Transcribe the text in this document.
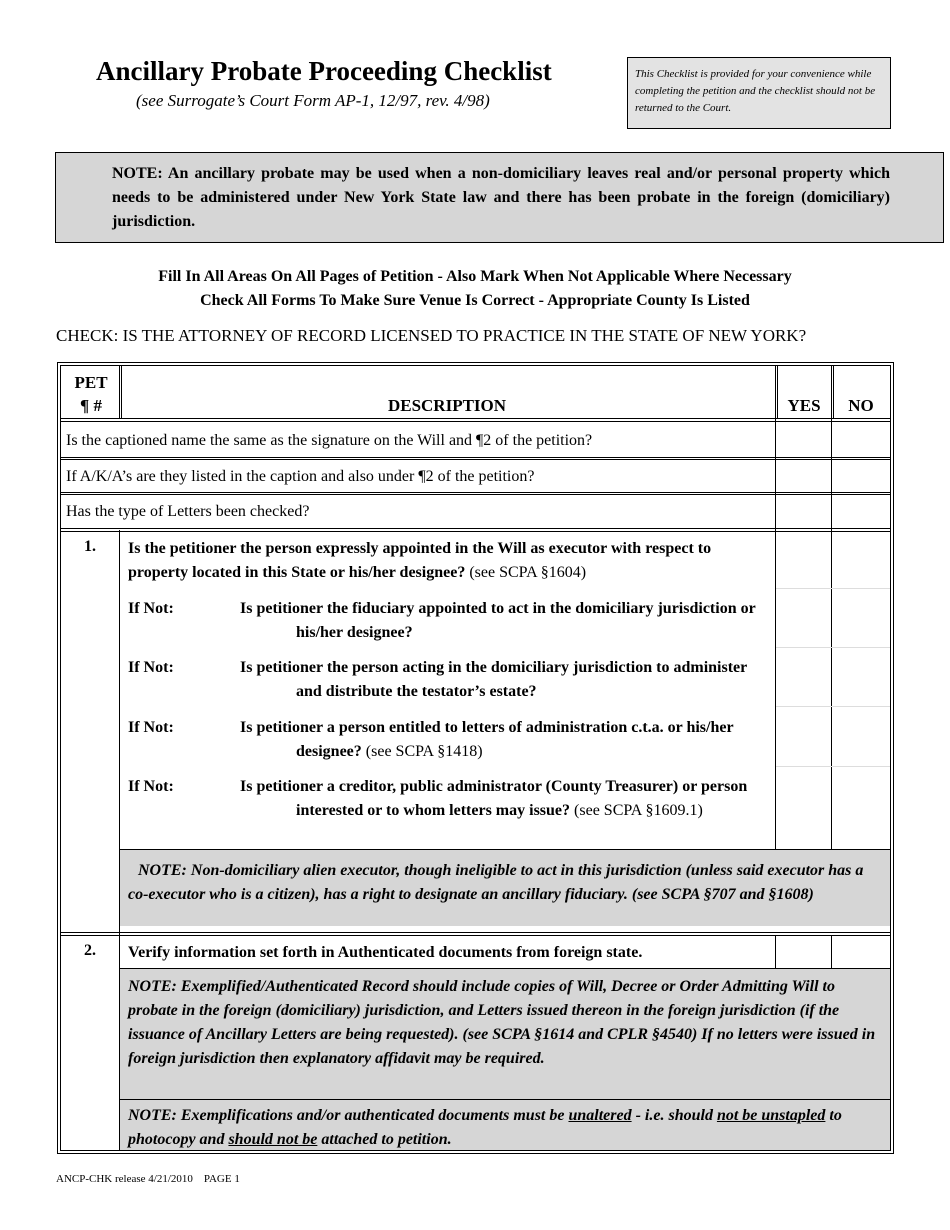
Ancillary Probate Proceeding Checklist
(see Surrogate’s Court Form AP-1, 12/97, rev. 4/98)
This Checklist is provided for your convenience while completing the petition and the checklist should not be returned to the Court.
NOTE: An ancillary probate may be used when a non-domiciliary leaves real and/or personal property which needs to be administered under New York State law and there has been probate in the foreign (domiciliary) jurisdiction.
Fill In All Areas On All Pages of Petition - Also Mark When Not Applicable Where Necessary
Check All Forms To Make Sure Venue Is Correct - Appropriate County Is Listed
CHECK: IS THE ATTORNEY OF RECORD LICENSED TO PRACTICE IN THE STATE OF NEW YORK?
PET
¶ #	DESCRIPTION	YES	NO
Is the captioned name the same as the signature on the Will and ¶2 of the petition?
If A/K/A’s are they listed in the caption and also under ¶2 of the petition?
Has the type of Letters been checked?
1.	Is the petitioner the person expressly appointed in the Will as executor with respect to property located in this State or his/her designee? (see SCPA §1604)
If Not:	Is petitioner the fiduciary appointed to act in the domiciliary jurisdiction or his/her designee?
If Not:	Is petitioner the person acting in the domiciliary jurisdiction to administer and distribute the testator’s estate?
If Not:	Is petitioner a person entitled to letters of administration c.t.a. or his/her designee? (see SCPA §1418)
If Not:	Is petitioner a creditor, public administrator (County Treasurer) or person interested or to whom letters may issue? (see SCPA §1609.1)
NOTE: Non-domiciliary alien executor, though ineligible to act in this jurisdiction (unless said executor has a co-executor who is a citizen), has a right to designate an ancillary fiduciary. (see SCPA §707 and §1608)
2.	Verify information set forth in Authenticated documents from foreign state.
NOTE: Exemplified/Authenticated Record should include copies of Will, Decree or Order Admitting Will to probate in the foreign (domiciliary) jurisdiction, and Letters issued thereon in the foreign jurisdiction (if the issuance of Ancillary Letters are being requested). (see SCPA §1614 and CPLR §4540) If no letters were issued in foreign jurisdiction then explanatory affidavit may be required.
NOTE: Exemplifications and/or authenticated documents must be unaltered - i.e. should not be unstapled to photocopy and should not be attached to petition.
ANCP-CHK release 4/21/2010    PAGE 1
